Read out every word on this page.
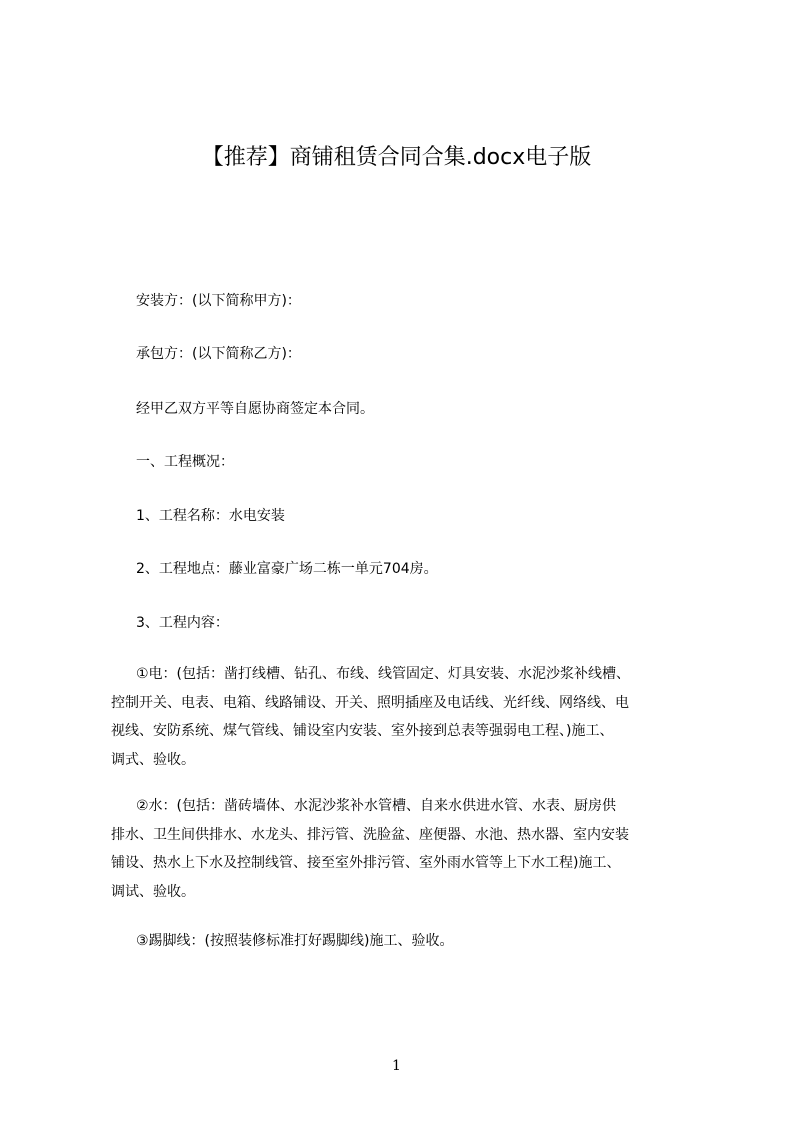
【推荐】商铺租赁合同合集.docx电子版
安装方：(以下简称甲方)：
承包方：(以下简称乙方)：
经甲乙双方平等自愿协商签定本合同。
一、工程概况：
1、工程名称：水电安装
2、工程地点：藤业富豪广场二栋一单元704房。
3、工程内容：
①电：(包括：凿打线槽、钻孔、布线、线管固定、灯具安装、水泥沙浆补线槽、
控制开关、电表、电箱、线路铺设、开关、照明插座及电话线、光纤线、网络线、电
视线、安防系统、煤气管线、铺设室内安装、室外接到总表等强弱电工程、)施工、
调式、验收。
②水：(包括：凿砖墙体、水泥沙浆补水管槽、自来水供进水管、水表、厨房供
排水、卫生间供排水、水龙头、排污管、洗脸盆、座便器、水池、热水器、室内安装
铺设、热水上下水及控制线管、接至室外排污管、室外雨水管等上下水工程)施工、
调试、验收。
③踢脚线：(按照装修标准打好踢脚线)施工、验收。
1
